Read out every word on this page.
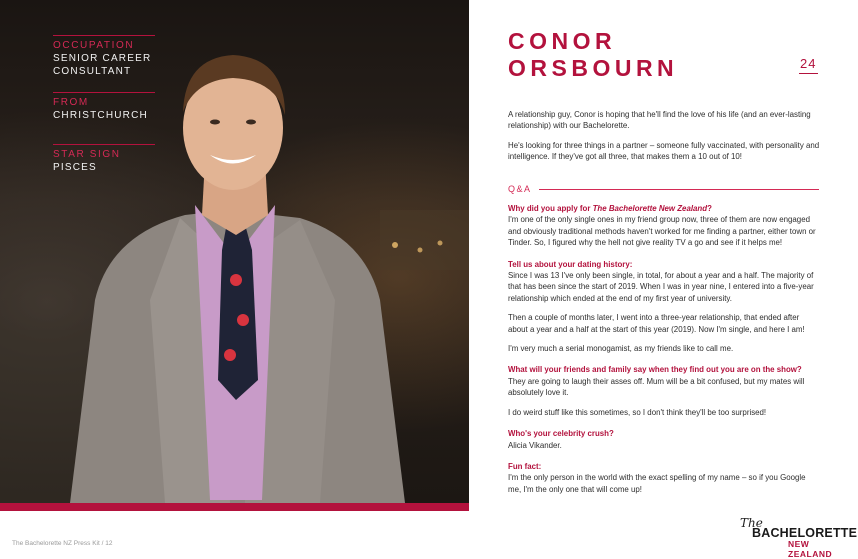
OCCUPATION
SENIOR CAREER
CONSULTANT
FROM
CHRISTCHURCH
STAR SIGN
PISCES
CONOR
ORSBOURN	24

A relationship guy, Conor is hoping that he'll find the love of his life (and an ever-lasting relationship) with our Bachelorette.

He's looking for three things in a partner – someone fully vaccinated, with personality and intelligence. If they've got all three, that makes them a 10 out of 10!

Q&A
Why did you apply for The Bachelorette New Zealand?
I'm one of the only single ones in my friend group now, three of them are now engaged and obviously traditional methods haven't worked for me finding a partner, either town or Tinder. So, I figured why the hell not give reality TV a go and see if it helps me!
Tell us about your dating history:

Since I was 13 I've only been single, in total, for about a year and a half. The majority of that has been since the start of 2019. When I was in year nine, I entered into a five-year relationship which ended at the end of my first year of university.

Then a couple of months later, I went into a three-year relationship, that ended after about a year and a half at the start of this year (2019). Now I'm single, and here I am!

I'm very much a serial monogamist, as my friends like to call me.

What will your friends and family say when they find out you are on the show?

They are going to laugh their asses off. Mum will be a bit confused, but my mates will absolutely love it.

I do weird stuff like this sometimes, so I don't think they'll be too surprised!

Who's your celebrity crush?
Alicia Vikander.
Fun fact:
I'm the only person in the world with the exact spelling of my name – so if you Google me, I'm the only one that will come up!
The Bachelorette NZ Press Kit / 12
The
BACHELORETTE
NEW ZEALAND
